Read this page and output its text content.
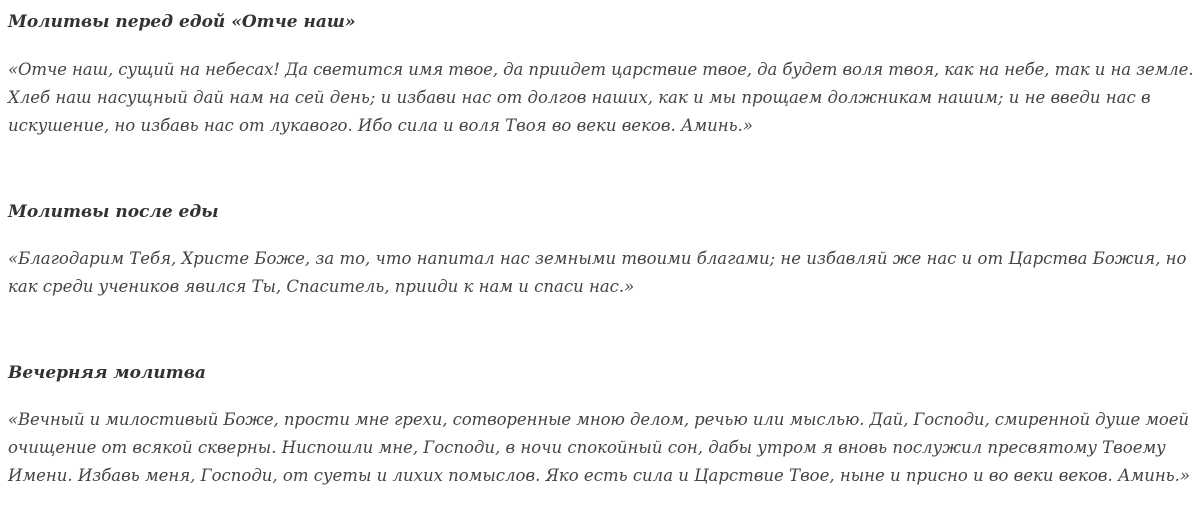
Молитвы перед едой «Отче наш»
«Отче наш, сущий на небесах! Да светится имя твое, да приидет царствие твое, да будет воля твоя, как на небе, так и на земле.
Хлеб наш насущный дай нам на сей день; и избави нас от долгов наших, как и мы прощаем должникам нашим; и не введи нас в
искушение, но избавь нас от лукавого. Ибо сила и воля Твоя во веки веков. Аминь.»
Молитвы после еды
«Благодарим Тебя, Христе Боже, за то, что напитал нас земными твоими благами; не избавляй же нас и от Царства Божия, но
как среди учеников явился Ты, Спаситель, прииди к нам и спаси нас.»
Вечерняя молитва
«Вечный и милостивый Боже, прости мне грехи, сотворенные мною делом, речью или мыслью. Дай, Господи, смиренной душе моей
очищение от всякой скверны. Ниспошли мне, Господи, в ночи спокойный сон, дабы утром я вновь послужил пресвятому Твоему
Имени. Избавь меня, Господи, от суеты и лихих помыслов. Яко есть сила и Царствие Твое, ныне и присно и во веки веков. Аминь.»
